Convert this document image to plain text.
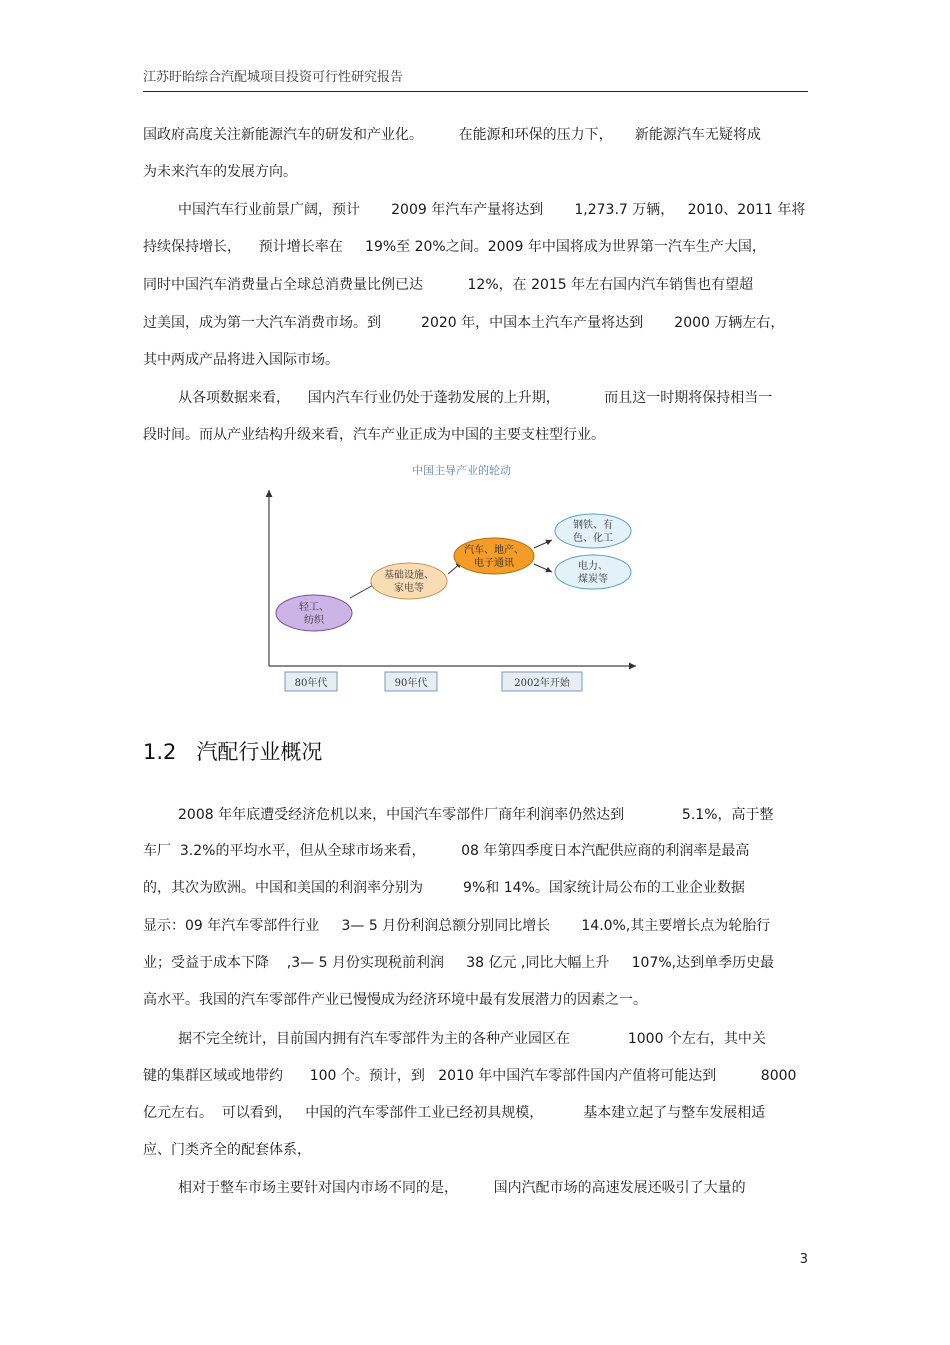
江苏盱眙综合汽配城项目投资可行性研究报告
国政府高度关注新能源汽车的研发和产业化。        在能源和环保的压力下，     新能源汽车无疑将成
为未来汽车的发展方向。
中国汽车行业前景广阔，预计       2009 年汽车产量将达到       1,273.7 万辆，   2010、2011 年将
持续保持增长，    预计增长率在     19%至 20%之间。2009 年中国将成为世界第一汽车生产大国，
同时中国汽车消费量占全球总消费量比例已达          12%，在 2015 年左右国内汽车销售也有望超
过美国，成为第一大汽车消费市场。到         2020 年，中国本土汽车产量将达到       2000 万辆左右，
其中两成产品将进入国际市场。
从各项数据来看，    国内汽车行业仍处于蓬勃发展的上升期，          而且这一时期将保持相当一
段时间。而从产业结构升级来看，汽车产业正成为中国的主要支柱型行业。
中国主导产业的轮动
轻工、
纺织
基础设施、
家电等
汽车、地产、
电子通讯
钢铁、有
色、化工
电力、
煤炭等
80年代	90年代	2002年开始
1.2 汽配行业概况
2008 年年底遭受经济危机以来，中国汽车零部件厂商年利润率仍然达到             5.1%，高于整
车厂  3.2%的平均水平，但从全球市场来看，        08 年第四季度日本汽配供应商的利润率是最高
的，其次为欧洲。中国和美国的利润率分别为         9%和 14%。国家统计局公布的工业企业数据
显示：09 年汽车零部件行业     3— 5 月份利润总额分别同比增长       14.0%,其主要增长点为轮胎行
业；受益于成本下降    ,3— 5 月份实现税前利润     38 亿元 ,同比大幅上升     107%,达到单季历史最
高水平。我国的汽车零部件产业已慢慢成为经济环境中最有发展潜力的因素之一。
据不完全统计，目前国内拥有汽车零部件为主的各种产业园区在             1000 个左右，其中关
键的集群区域或地带约      100 个。预计，到   2010 年中国汽车零部件国内产值将可能达到          8000
亿元左右。  可以看到，   中国的汽车零部件工业已经初具规模，         基本建立起了与整车发展相适
应、门类齐全的配套体系，
相对于整车市场主要针对国内市场不同的是，        国内汽配市场的高速发展还吸引了大量的
3
